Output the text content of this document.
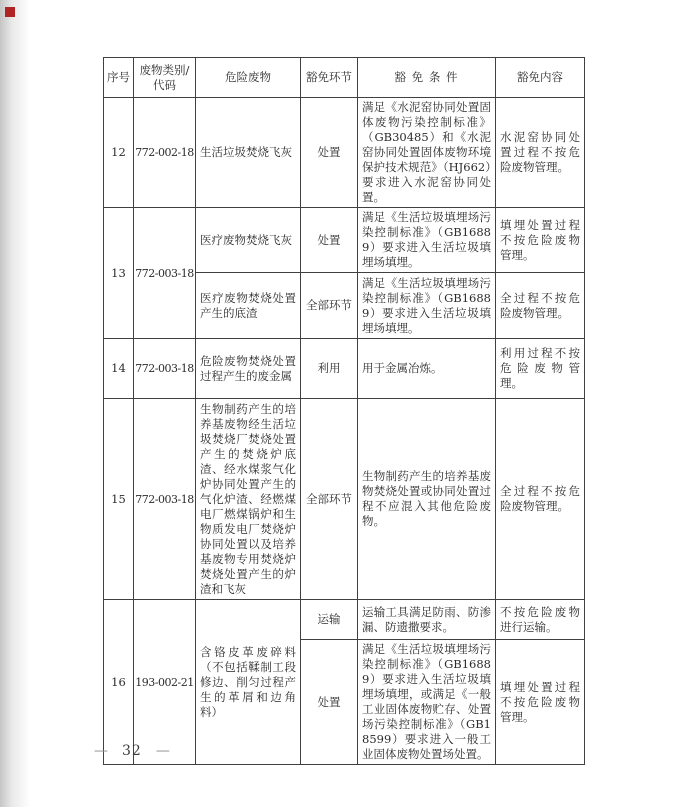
序号	废物类别/代码	危险废物	豁免环节	豁 免 条 件	豁免内容
12	772-002-18	生活垃圾焚烧飞灰	处置	满足《水泥窑协同处置固体废物污染控制标准》（GB30485）和《水泥窑协同处置固体废物环境保护技术规范》（HJ662）要求进入水泥窑协同处置。	水泥窑协同处置过程不按危险废物管理。
13	772-003-18	医疗废物焚烧飞灰	处置	满足《生活垃圾填埋场污染控制标准》（GB16889）要求进入生活垃圾填埋场填埋。	填埋处置过程不按危险废物管理。
		医疗废物焚烧处置产生的底渣	全部环节	满足《生活垃圾填埋场污染控制标准》（GB16889）要求进入生活垃圾填埋场填埋。	全过程不按危险废物管理。
14	772-003-18	危险废物焚烧处置过程产生的废金属	利用	用于金属冶炼。	利用过程不按危险废物管理。
15	772-003-18	生物制药产生的培养基废物经生活垃圾焚烧厂焚烧处置产生的焚烧炉底渣、经水煤浆气化炉协同处置产生的气化炉渣、经燃煤电厂燃煤锅炉和生物质发电厂焚烧炉协同处置以及培养基废物专用焚烧炉焚烧处置产生的炉渣和飞灰	全部环节	生物制药产生的培养基废物焚烧处置或协同处置过程不应混入其他危险废物。	全过程不按危险废物管理。
16	193-002-21	含铬皮革废碎料（不包括鞣制工段修边、削匀过程产生的革屑和边角料）	运输	运输工具满足防雨、防渗漏、防遗撒要求。	不按危险废物进行运输。
			处置	满足《生活垃圾填埋场污染控制标准》（GB16889）要求进入生活垃圾填埋场填埋，或满足《一般工业固体废物贮存、处置场污染控制标准》（GB18599）要求进入一般工业固体废物处置场处置。	填埋处置过程不按危险废物管理。
— 32 —
